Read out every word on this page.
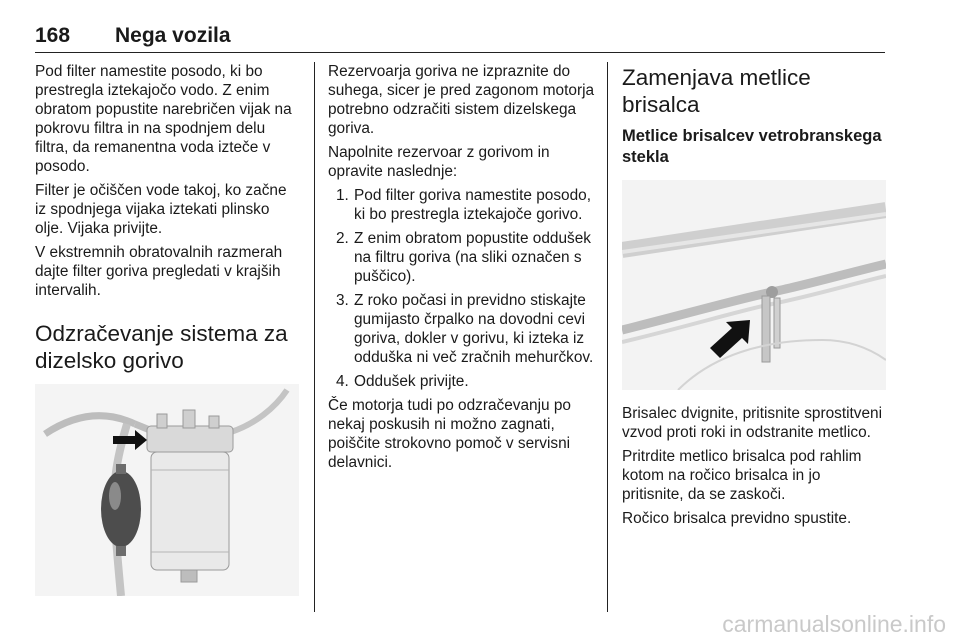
168 Nega vozila

Pod filter namestite posodo, ki bo prestregla iztekajočo vodo. Z enim obratom popustite narebričen vijak na pokrovu filtra in na spodnjem delu filtra, da remanentna voda izteče v posodo.

Filter je očiščen vode takoj, ko začne iz spodnjega vijaka iztekati plinsko olje. Vijaka privijte.

V ekstremnih obratovalnih razmerah dajte filter goriva pregledati v krajših intervalih.

Odzračevanje sistema za dizelsko gorivo

Rezervoarja goriva ne izpraznite do suhega, sicer je pred zagonom motorja potrebno odzračiti sistem dizelskega goriva.

Napolnite rezervoar z gorivom in opravite naslednje:

1. Pod filter goriva namestite posodo, ki bo prestregla iztekajoče gorivo.
2. Z enim obratom popustite oddušek na filtru goriva (na sliki označen s puščico).
3. Z roko počasi in previdno stiskajte gumijasto črpalko na dovodni cevi goriva, dokler v gorivu, ki izteka iz odduška ni več zračnih mehurčkov.
4. Oddušek privijte.

Če motorja tudi po odzračevanju po nekaj poskusih ni možno zagnati, poiščite strokovno pomoč v servisni delavnici.

Zamenjava metlice brisalca
Metlice brisalcev vetrobranskega stekla

Brisalec dvignite, pritisnite sprostitveni vzvod proti roki in odstranite metlico.

Pritrdite metlico brisalca pod rahlim kotom na ročico brisalca in jo pritisnite, da se zaskoči.

Ročico brisalca previdno spustite.

carmanualsonline.info
